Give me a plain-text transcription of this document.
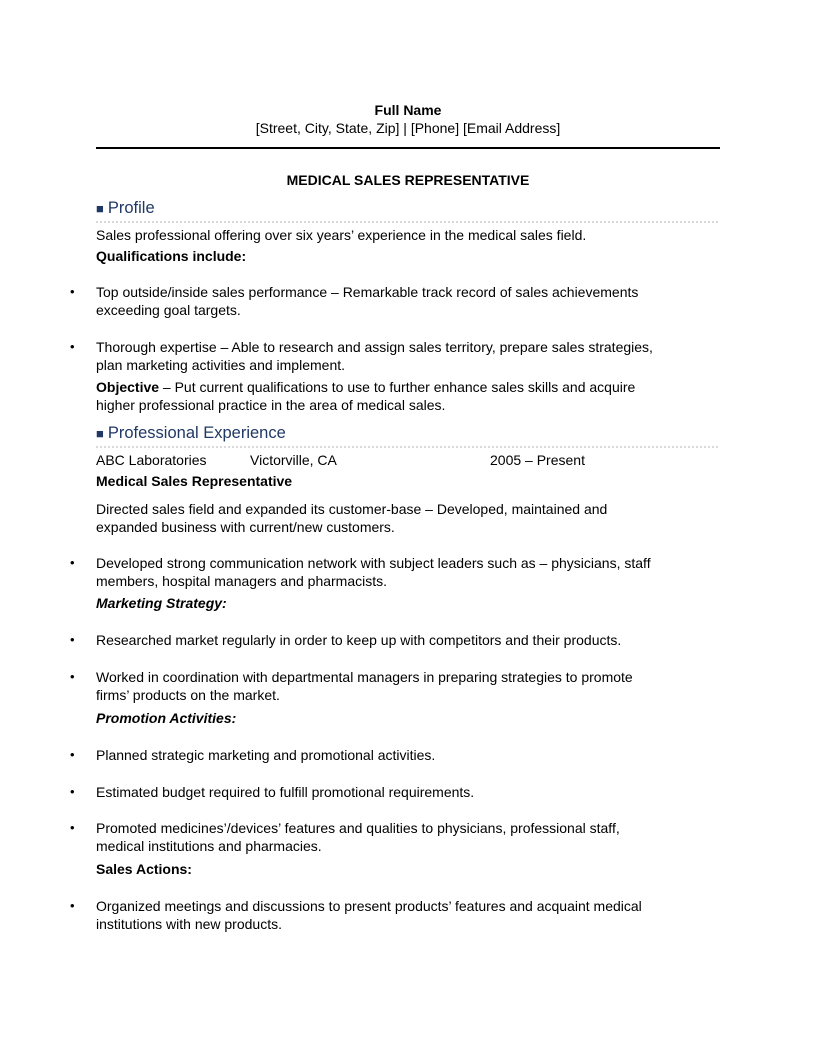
Full Name
[Street, City, State, Zip] | [Phone] [Email Address]
MEDICAL SALES REPRESENTATIVE
■ Profile
Sales professional offering over six years’ experience in the medical sales field.
Qualifications include:
• Top outside/inside sales performance – Remarkable track record of sales achievements
exceeding goal targets.
• Thorough expertise – Able to research and assign sales territory, prepare sales strategies,
plan marketing activities and implement.
Objective – Put current qualifications to use to further enhance sales skills and acquire
higher professional practice in the area of medical sales.
■ Professional Experience
ABC Laboratories	Victorville, CA	2005 – Present
Medical Sales Representative
Directed sales field and expanded its customer-base – Developed, maintained and
expanded business with current/new customers.
• Developed strong communication network with subject leaders such as – physicians, staff
members, hospital managers and pharmacists.
Marketing Strategy:
• Researched market regularly in order to keep up with competitors and their products.
• Worked in coordination with departmental managers in preparing strategies to promote
firms’ products on the market.
Promotion Activities:
• Planned strategic marketing and promotional activities.
• Estimated budget required to fulfill promotional requirements.
• Promoted medicines’/devices’ features and qualities to physicians, professional staff,
medical institutions and pharmacies.
Sales Actions:
• Organized meetings and discussions to present products’ features and acquaint medical
institutions with new products.
